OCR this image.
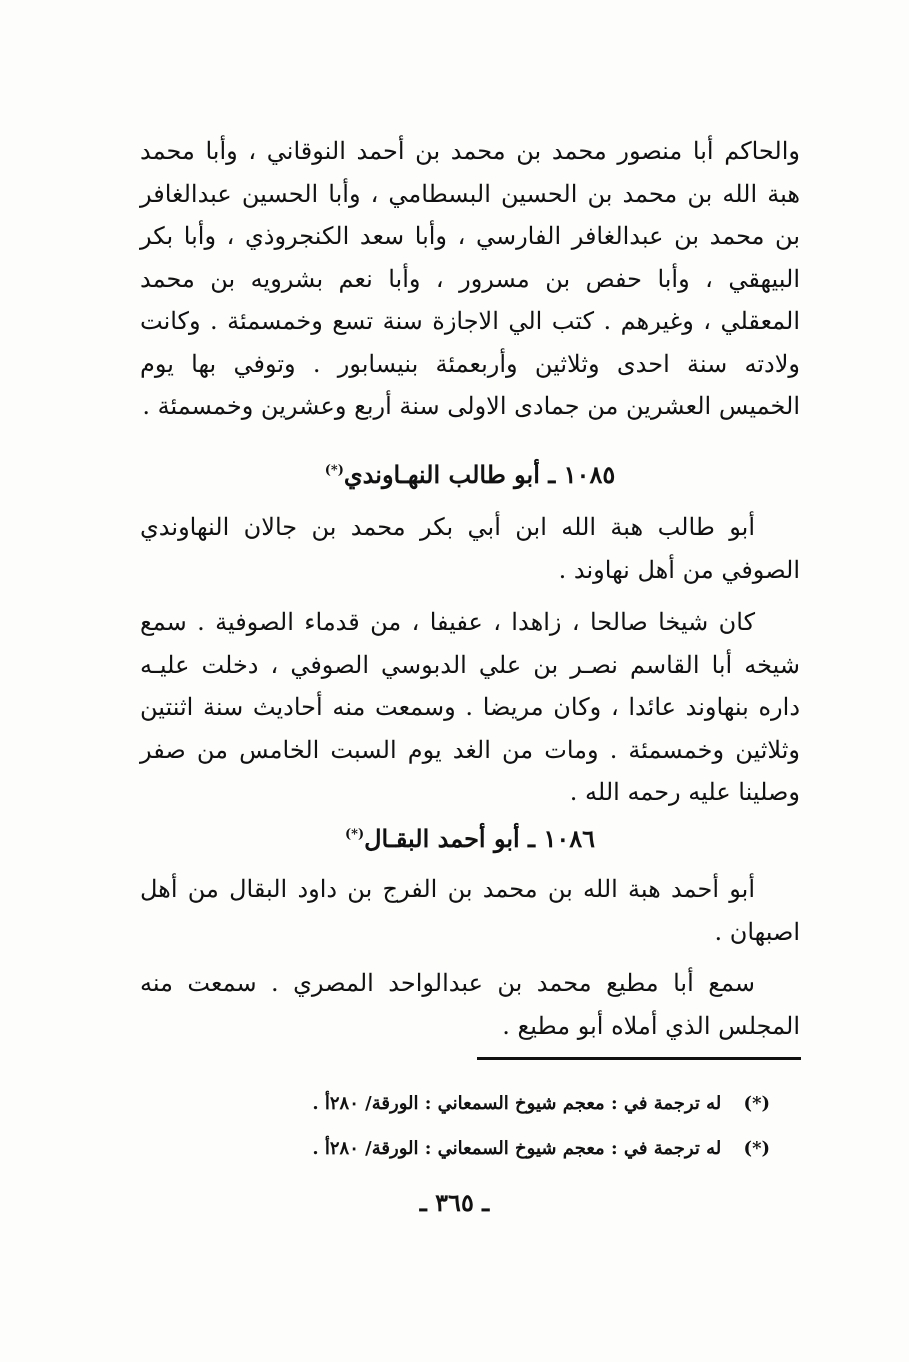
والحاكم أبا منصور محمد بن محمد بن أحمد النوقاني ، وأبا محمد هبة الله بن محمد بن الحسين البسطامي ، وأبا الحسين عبدالغافر بن محمد بن عبدالغافر الفارسي ، وأبا سعد الكنجروذي ، وأبا بكر البيهقي ، وأبا حفص بن مسرور ، وأبا نعم بشرويه بن محمد المعقلي ، وغيرهم . كتب الي الاجازة سنة تسع وخمسمئة . وكانت ولادته سنة احدى وثلاثين وأربعمئة بنيسابور . وتوفي بها يوم الخميس العشرين من جمادى الاولى سنة أربع وعشرين وخمسمئة .

١٠٨٥ ـ أبو طالب النهـاوندي(*)

أبو طالب هبة الله ابن أبي بكر محمد بن جالان النهاوندي الصوفي من أهل نهاوند .

كان شيخا صالحا ، زاهدا ، عفيفا ، من قدماء الصوفية . سمع شيخه أبا القاسم نصـر بن علي الدبوسي الصوفي ، دخلت عليـه داره بنهاوند عائدا ، وكان مريضا . وسمعت منه أحاديث سنة اثنتين وثلاثين وخمسمئة . ومات من الغد يوم السبت الخامس من صفر وصلينا عليه رحمه الله .

١٠٨٦ ـ أبو أحمد البقـال(*)

أبو أحمد هبة الله بن محمد بن الفرج بن داود البقال من أهل اصبهان .

سمع أبا مطيع محمد بن عبدالواحد المصري . سمعت منه المجلس الذي أملاه أبو مطيع .

(*) له ترجمة في : معجم شيوخ السمعاني : الورقة/ ٢٨٠أ .
(*) له ترجمة في : معجم شيوخ السمعاني : الورقة/ ٢٨٠أ .
ـ ٣٦٥ ـ
